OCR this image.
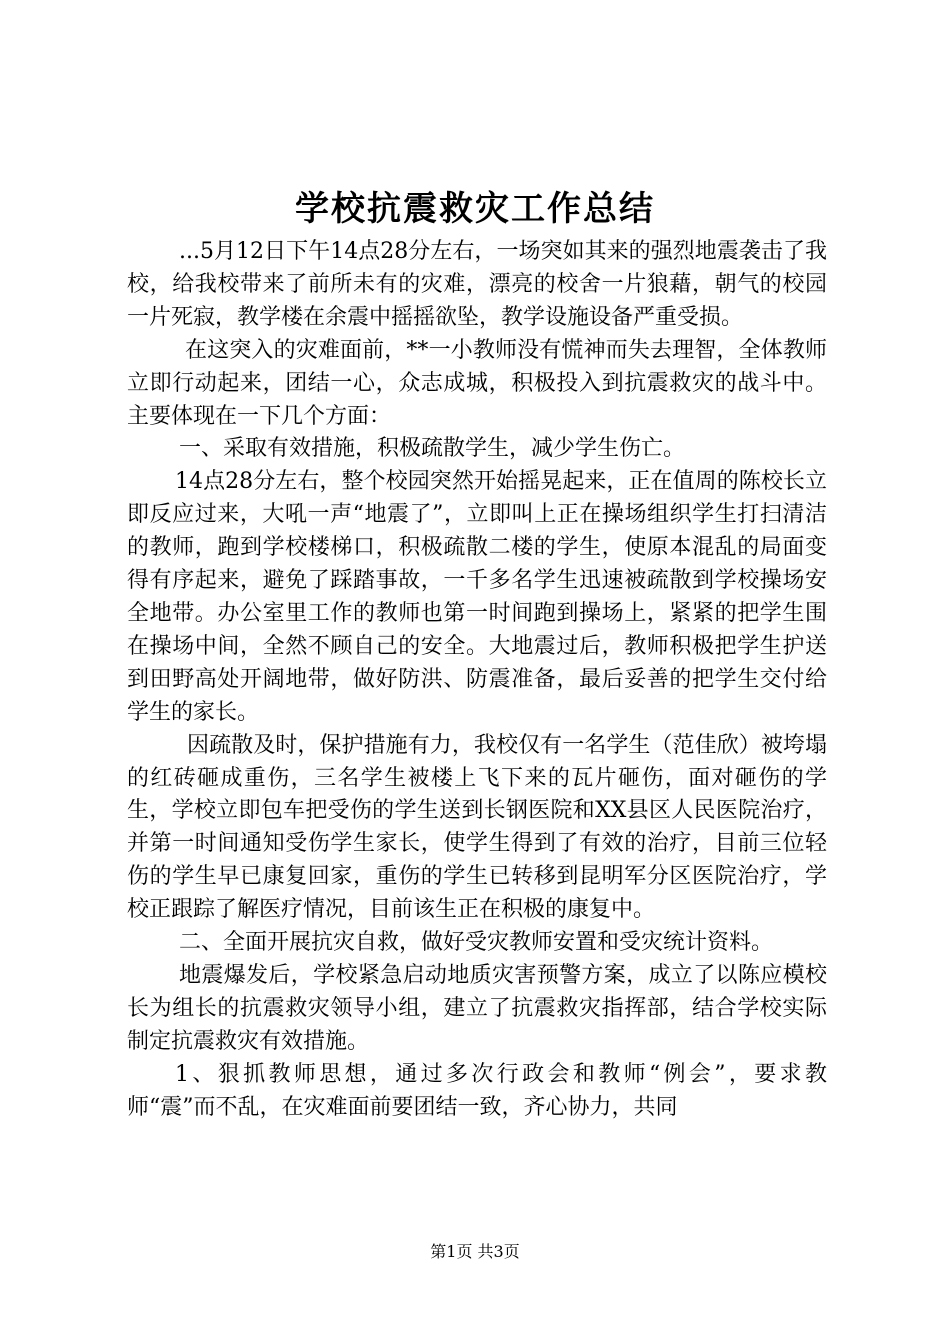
学校抗震救灾工作总结

...5月12日下午14点28分左右，一场突如其来的强烈地震袭击了我校，给我校带来了前所未有的灾难，漂亮的校舍一片狼藉，朝气的校园一片死寂，教学楼在余震中摇摇欲坠，教学设施设备严重受损。

在这突入的灾难面前，**一小教师没有慌神而失去理智，全体教师立即行动起来，团结一心，众志成城，积极投入到抗震救灾的战斗中。主要体现在一下几个方面：

一、采取有效措施，积极疏散学生，减少学生伤亡。

14点28分左右，整个校园突然开始摇晃起来，正在值周的陈校长立即反应过来，大吼一声“地震了”，立即叫上正在操场组织学生打扫清洁的教师，跑到学校楼梯口，积极疏散二楼的学生，使原本混乱的局面变得有序起来，避免了踩踏事故，一千多名学生迅速被疏散到学校操场安全地带。办公室里工作的教师也第一时间跑到操场上，紧紧的把学生围在操场中间，全然不顾自己的安全。大地震过后，教师积极把学生护送到田野高处开阔地带，做好防洪、防震准备，最后妥善的把学生交付给学生的家长。

因疏散及时，保护措施有力，我校仅有一名学生（范佳欣）被垮塌的红砖砸成重伤，三名学生被楼上飞下来的瓦片砸伤，面对砸伤的学生，学校立即包车把受伤的学生送到长钢医院和XX县区人民医院治疗，并第一时间通知受伤学生家长，使学生得到了有效的治疗，目前三位轻伤的学生早已康复回家，重伤的学生已转移到昆明军分区医院治疗，学校正跟踪了解医疗情况，目前该生正在积极的康复中。

二、全面开展抗灾自救，做好受灾教师安置和受灾统计资料。

地震爆发后，学校紧急启动地质灾害预警方案，成立了以陈应模校长为组长的抗震救灾领导小组，建立了抗震救灾指挥部，结合学校实际制定抗震救灾有效措施。

1、狠抓教师思想，通过多次行政会和教师“例会”，要求教师“震”而不乱，在灾难面前要团结一致，齐心协力，共同

第1页 共3页
